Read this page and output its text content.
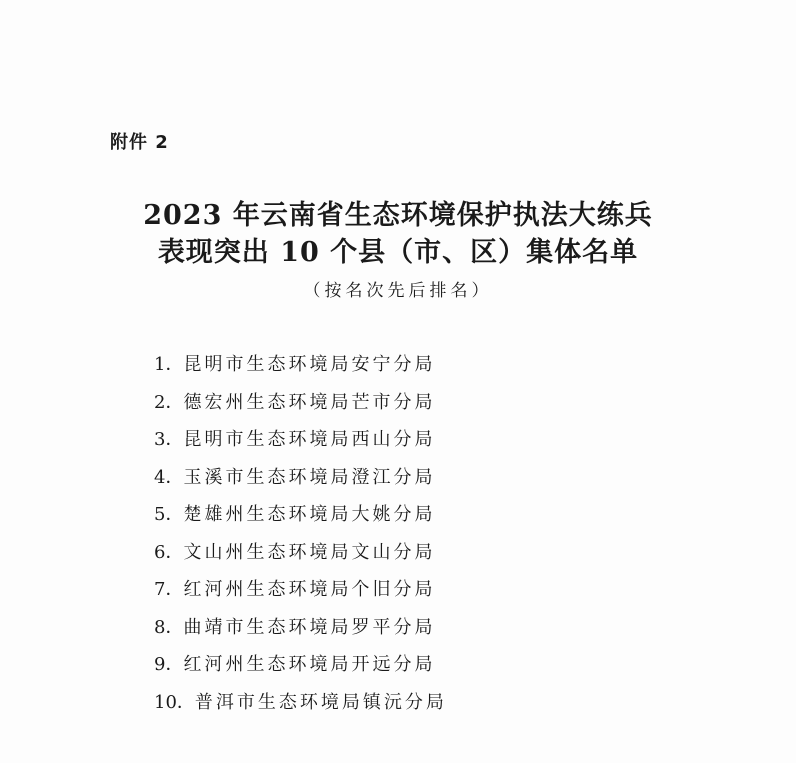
附件 2
2023 年云南省生态环境保护执法大练兵
表现突出 10 个县（市、区）集体名单
（按名次先后排名）
1．昆明市生态环境局安宁分局
2．德宏州生态环境局芒市分局
3．昆明市生态环境局西山分局
4．玉溪市生态环境局澄江分局
5．楚雄州生态环境局大姚分局
6．文山州生态环境局文山分局
7．红河州生态环境局个旧分局
8．曲靖市生态环境局罗平分局
9．红河州生态环境局开远分局
10．普洱市生态环境局镇沅分局
